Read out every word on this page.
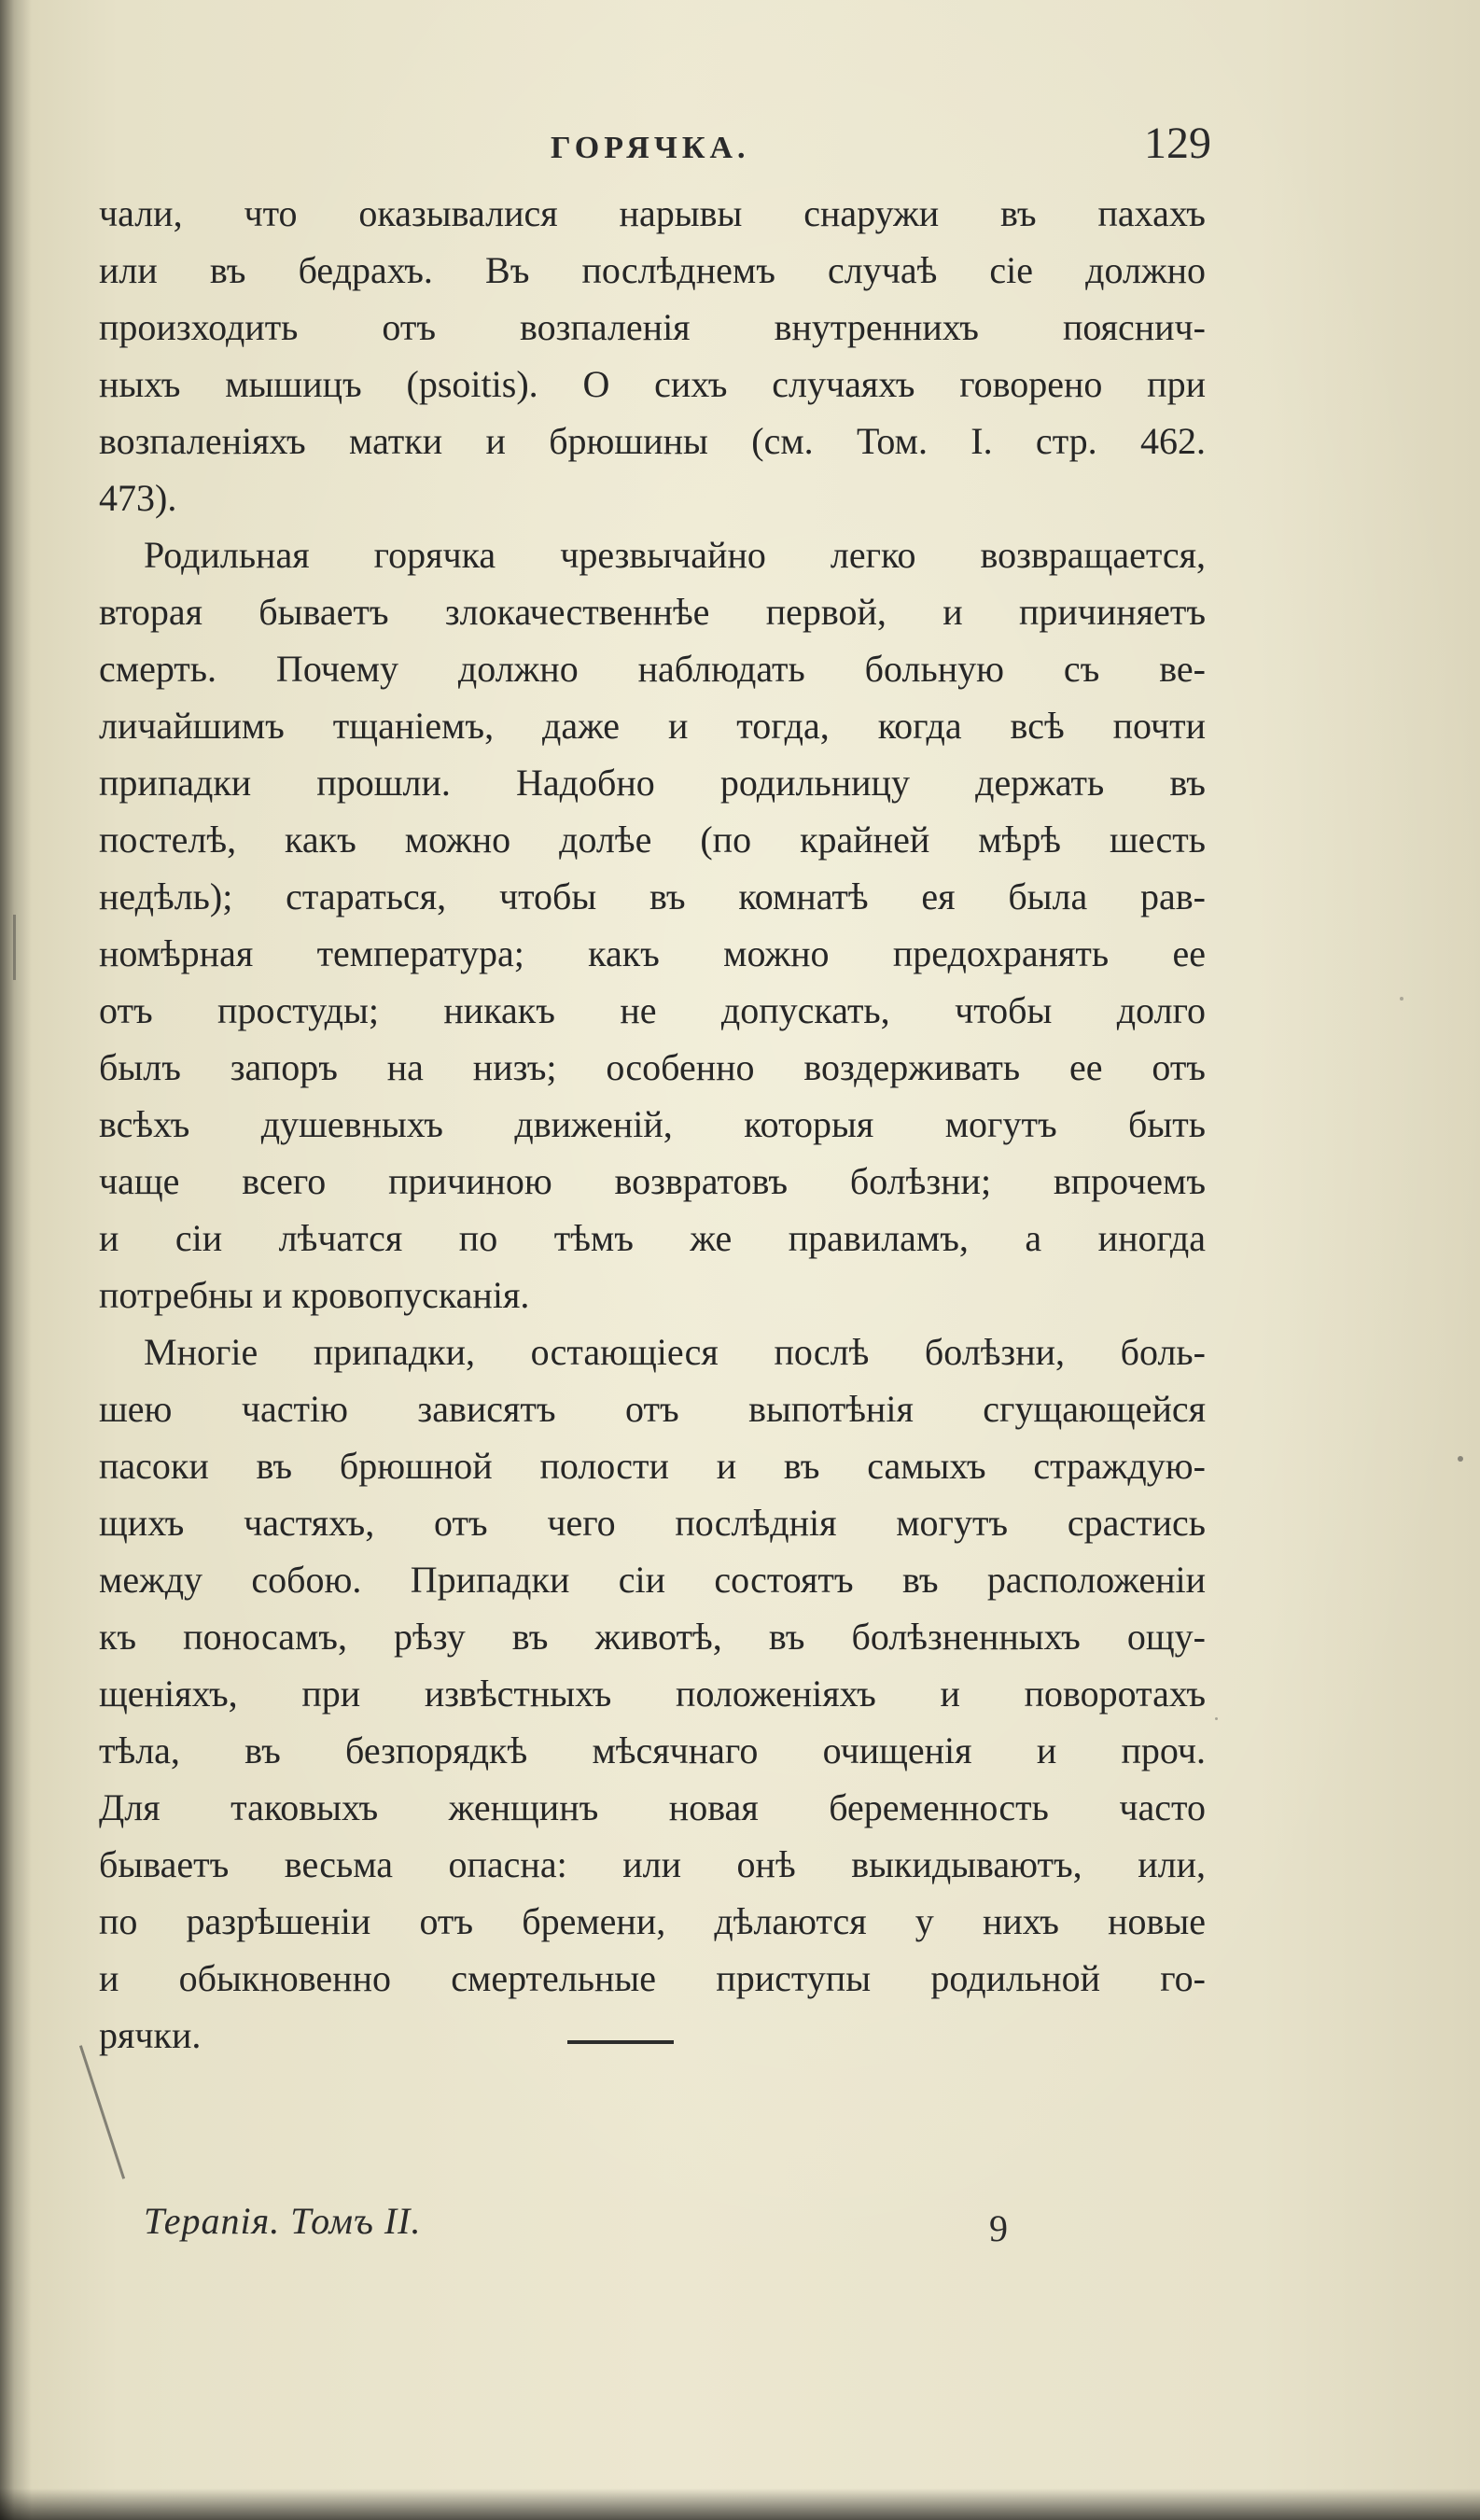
ГОРЯЧКА.	129
чали, что оказывалися нарывы снаружи въ пахахъ
или въ бедрахъ. Въ послѣднемъ случаѣ сiе должно
произходить отъ возпаленiя внутреннихъ пояснич-
ныхъ мышицъ (psoitis). О сихъ случаяхъ говорено при
возпаленiяхъ матки и брюшины (см. Том. I. стр. 462.
473).
Родильная горячка чрезвычайно легко возвращается,
вторая бываетъ злокачественнѣе первой, и причиняетъ
смерть. Почему должно наблюдать больную съ ве-
личайшимъ тщанiемъ, даже и тогда, когда всѣ почти
припадки прошли. Надобно родильницу держать въ
постелѣ, какъ можно долѣе (по крайней мѣрѣ шесть
недѣль); стараться, чтобы въ комнатѣ ея была рав-
номѣрная температура; какъ можно предохранять ее
отъ простуды; никакъ не допускать, чтобы долго
былъ запоръ на низъ; особенно воздерживать ее отъ
всѣхъ душевныхъ движенiй, которыя могутъ быть
чаще всего причиною возвратовъ болѣзни; впрочемъ
и сiи лѣчатся по тѣмъ же правиламъ, а иногда
потребны и кровопусканiя.
Многiе припадки, остающiеся послѣ болѣзни, боль-
шею частiю зависятъ отъ выпотѣнiя сгущающейся
пасоки въ брюшной полости и въ самыхъ страждую-
щихъ частяхъ, отъ чего послѣднiя могутъ срастись
между собою. Припадки сiи состоятъ въ расположенiи
къ поносамъ, рѣзу въ животѣ, въ болѣзненныхъ ощу-
щенiяхъ, при извѣстныхъ положенiяхъ и поворотахъ
тѣла, въ безпорядкѣ мѣсячнаго очищенiя и проч.
Для таковыхъ женщинъ новая беременность часто
бываетъ весьма опасна: или онѣ выкидываютъ, или,
по разрѣшенiи отъ бремени, дѣлаются у нихъ новые
и обыкновенно смертельные приступы родильной го-
рячки.
Терапiя. Томъ II.	9
